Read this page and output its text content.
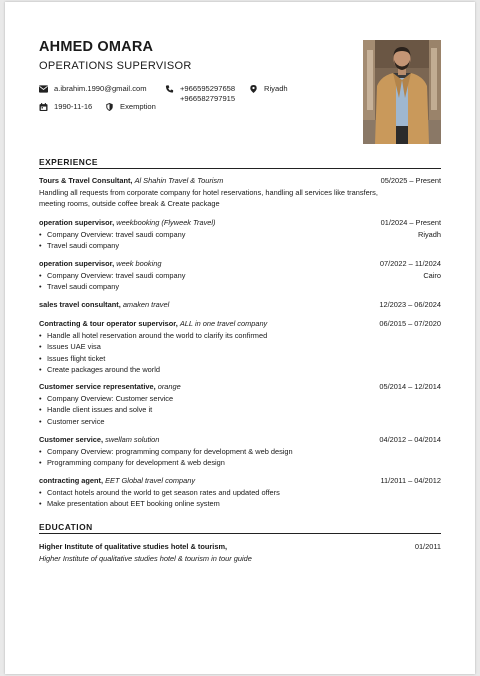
AHMED OMARA
OPERATIONS SUPERVISOR
a.ibrahim.1990@gmail.com	+966595297658
+966582797915
Riyadh
1990-11-16	Exemption
EXPERIENCE
Tours & Travel Consultant, Al Shahin Travel & Tourism	05/2025 – Present
Handling all requests from corporate company for hotel reservations, handling all services like transfers, meeting rooms, outside coffee break & Create package
operation supervisor, weekbooking (Flyweek Travel)	01/2024 – Present
• Company Overview: travel saudi company
• Travel saudi company
Riyadh
operation supervisor, week booking	07/2022 – 11/2024
• Company Overview: travel saudi company
• Travel saudi company
Cairo
sales travel consultant, amaken travel	12/2023 – 06/2024
Contracting & tour operator supervisor, ALL in one travel company	06/2015 – 07/2020
• Handle all hotel reservation around the world to clarify its confirmed
• Issues UAE visa
• Issues flight ticket
• Create packages around the world
Customer service representative, orange	05/2014 – 12/2014
• Company Overview: Customer service
• Handle client issues and solve it
• Customer service
Customer service, swellam solution	04/2012 – 04/2014
• Company Overview: programming company for development & web design
• Programming company for development & web design
contracting agent, EET Global travel company	11/2011 – 04/2012
• Contact hotels around the world to get season rates and updated offers
• Make presentation about EET booking online system
EDUCATION
Higher Institute of qualitative studies hotel & tourism,	01/2011
Higher Institute of qualitative studies hotel & tourism in tour guide
